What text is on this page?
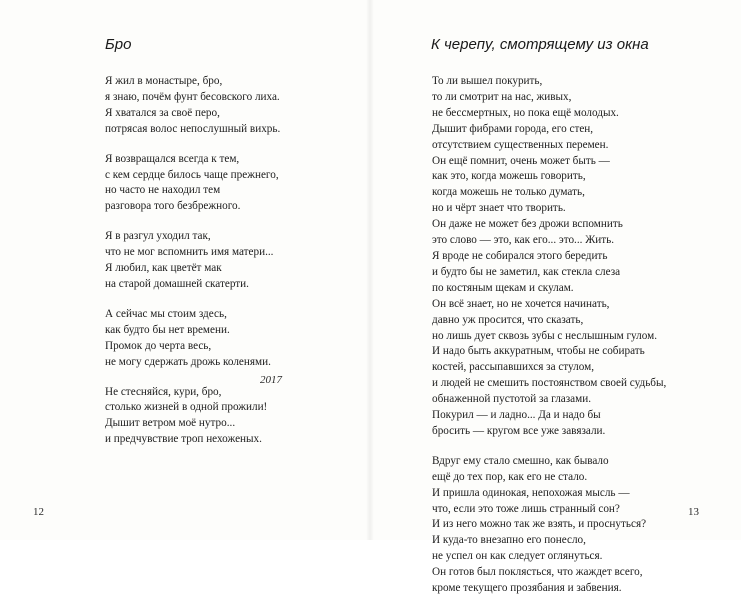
Бро
Я жил в монастыре, бро,
я знаю, почём фунт бесовского лиха.
Я хватался за своё перо,
потрясая волос непослушный вихрь.
Я возвращался всегда к тем,
с кем сердце билось чаще прежнего,
но часто не находил тем
разговора того безбрежного.
Я в разгул уходил так,
что не мог вспомнить имя матери...
Я любил, как цветёт мак
на старой домашней скатерти.
А сейчас мы стоим здесь,
как будто бы нет времени.
Промок до черта весь,
не могу сдержать дрожь коленями.
Не стесняйся, кури, бро,
столько жизней в одной прожили!
Дышит ветром моё нутро...
и предчувствие троп нехоженых.
2017
12
К черепу, смотрящему из окна
То ли вышел покурить,
то ли смотрит на нас, живых,
не бессмертных, но пока ещё молодых.
Дышит фибрами города, его стен,
отсутствием существенных перемен.
Он ещё помнит, очень может быть —
как это, когда можешь говорить,
когда можешь не только думать,
но и чёрт знает что творить.
Он даже не может без дрожи вспомнить
это слово — это, как его... это... Жить.
Я вроде не собирался этого бередить
и будто бы не заметил, как стекла слеза
по костяным щекам и скулам.
Он всё знает, но не хочется начинать,
давно уж просится, что сказать,
но лишь дует сквозь зубы с неслышным гулом.
И надо быть аккуратным, чтобы не собирать
костей, рассыпавшихся за стулом,
и людей не смешить постоянством своей судьбы,
обнаженной пустотой за глазами.
Покурил — и ладно... Да и надо бы
бросить — кругом все уже завязали.
Вдруг ему стало смешно, как бывало
ещё до тех пор, как его не стало.
И пришла одинокая, непохожая мысль —
что, если это тоже лишь странный сон?
И из него можно так же взять, и проснуться?
И куда-то внезапно его понесло,
не успел он как следует оглянуться.
Он готов был поклясться, что жаждет всего,
кроме текущего прозябания и забвения.
13
